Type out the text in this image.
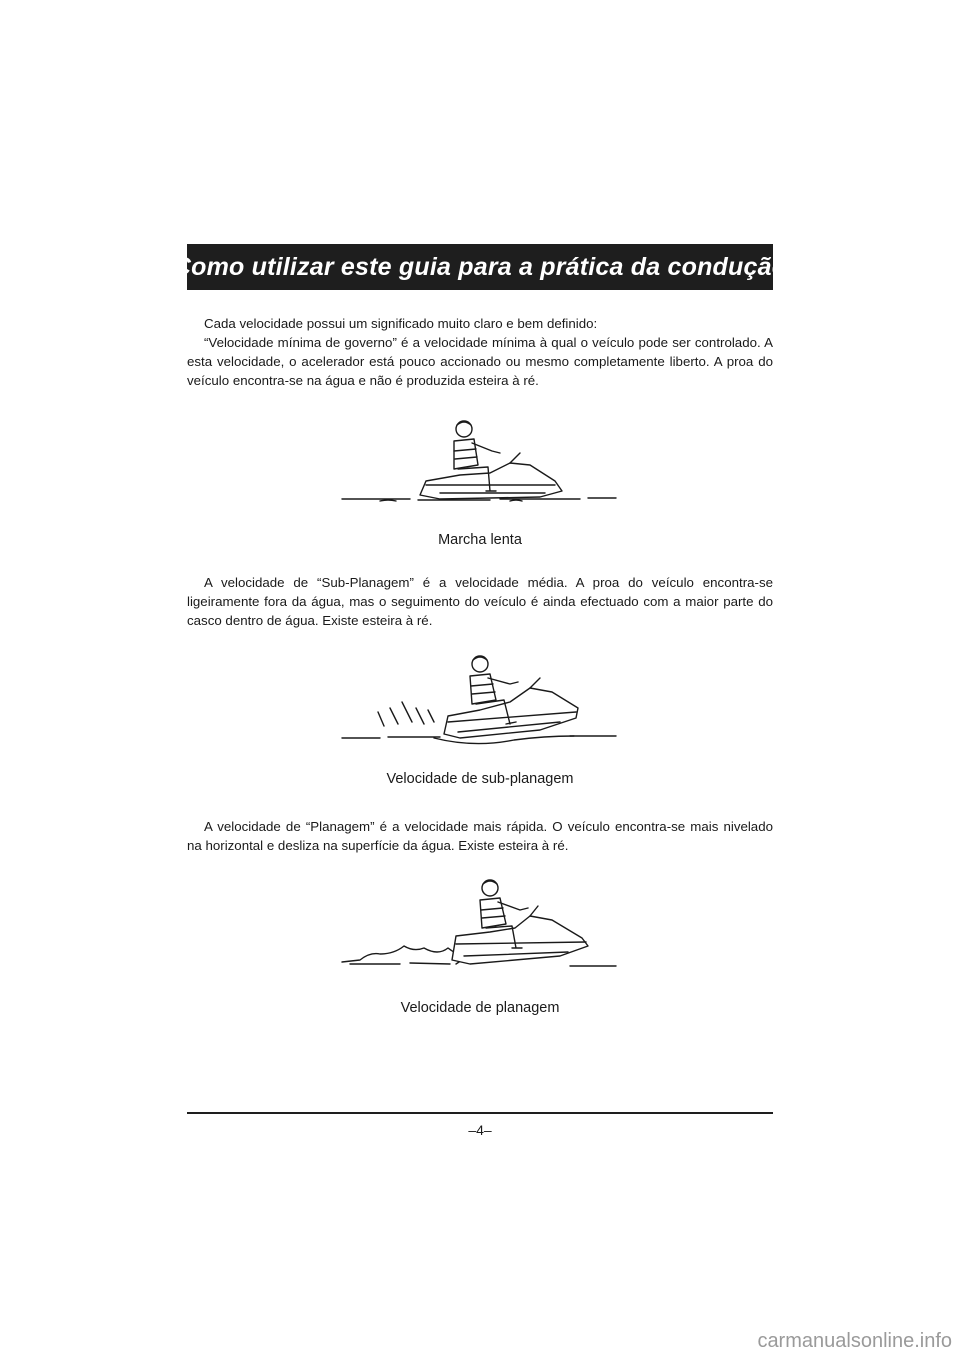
Como utilizar este guia para a prática da condução

Cada velocidade possui um significado muito claro e bem definido:

“Velocidade mínima de governo” é a velocidade mínima à qual o veículo pode ser controlado. A esta velocidade, o acelerador está pouco accionado ou mesmo completamente liberto. A proa do veículo encontra-se na água e não é produzida esteira à ré.

Marcha lenta

A velocidade de “Sub-Planagem” é a velocidade média. A proa do veículo encontra-se ligeiramente fora da água, mas o seguimento do veículo é ainda efectuado com a maior parte do casco dentro de água. Existe esteira à ré.

Velocidade de sub-planagem

A velocidade de “Planagem” é a velocidade mais rápida. O veículo encontra-se mais nivelado na horizontal e desliza na superfície da água. Existe esteira à ré.

Velocidade de planagem
–4–
carmanualsonline.info
